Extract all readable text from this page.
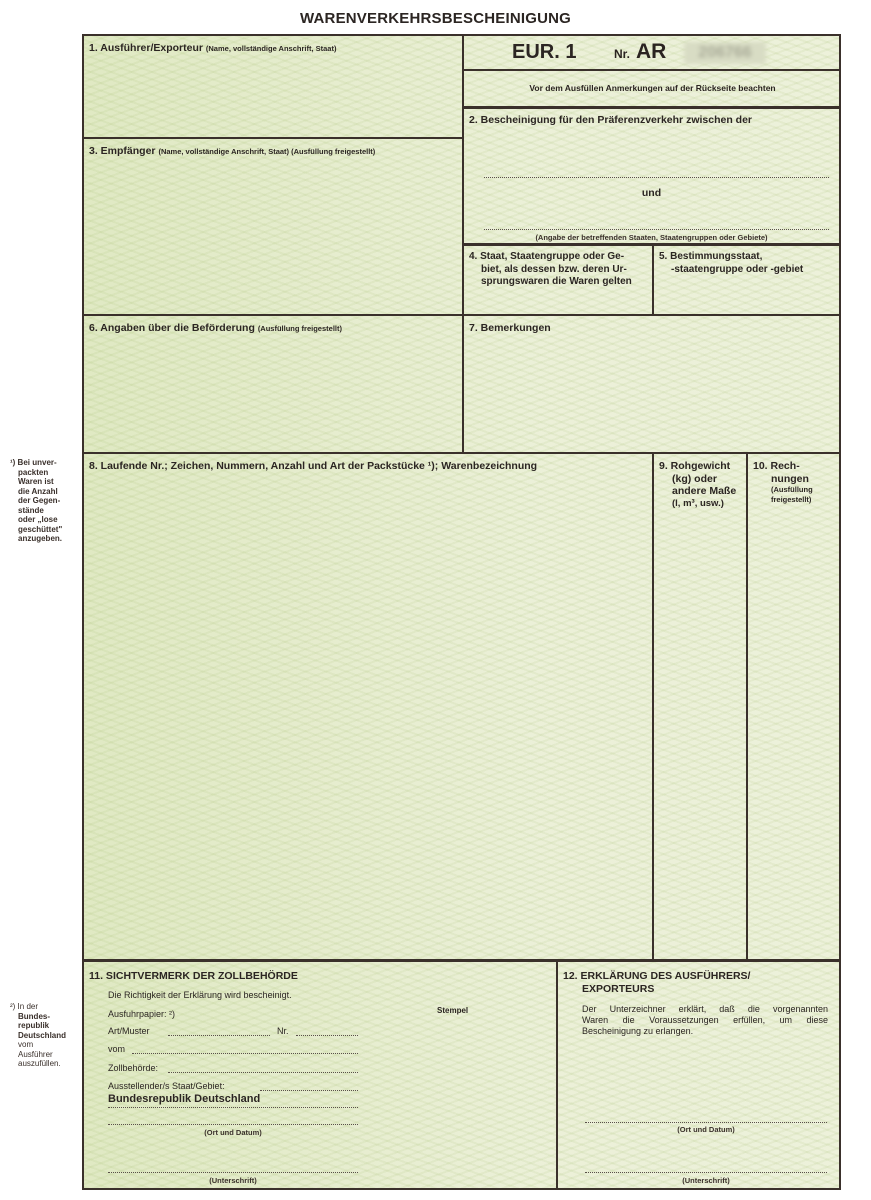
WARENVERKEHRSBESCHEINIGUNG
¹) Bei unver-
packten
Waren ist
die Anzahl
der Gegen-
stände
oder „lose
geschüttet"
anzugeben.
²) In der
Bundes-
republik
Deutschland
vom
Ausführer
auszufüllen.
1. Ausführer/Exporteur (Name, vollständige Anschrift, Staat)	EUR. 1	Nr. AR	206766
Vor dem Ausfüllen Anmerkungen auf der Rückseite beachten
2. Bescheinigung für den Präferenzverkehr zwischen der
und
(Angabe der betreffenden Staaten, Staatengruppen oder Gebiete)
3. Empfänger (Name, vollständige Anschrift, Staat) (Ausfüllung freigestellt)
4. Staat, Staatengruppe oder Ge-
biet, als dessen bzw. deren Ur-
sprungswaren die Waren gelten
5. Bestimmungsstaat,
-staatengruppe oder -gebiet
6. Angaben über die Beförderung (Ausfüllung freigestellt)	7. Bemerkungen
8. Laufende Nr.; Zeichen, Nummern, Anzahl und Art der Packstücke ¹); Warenbezeichnung	9. Rohgewicht
(kg) oder
andere Maße
(l, m³, usw.)
10. Rech-
nungen
(Ausfüllung
freigestellt)
11. SICHTVERMERK DER ZOLLBEHÖRDE
Die Richtigkeit der Erklärung wird bescheinigt.
Ausfuhrpapier: ²)	Stempel
Art/Muster	Nr.
vom
Zollbehörde:
Ausstellender/s Staat/Gebiet:
Bundesrepublik Deutschland
(Ort und Datum)
(Unterschrift)
12. ERKLÄRUNG DES AUSFÜHRERS/
EXPORTEURS
Der Unterzeichner erklärt, daß die vorgenannten
Waren die Voraussetzungen erfüllen, um diese
Bescheinigung zu erlangen.
(Ort und Datum)
(Unterschrift)
